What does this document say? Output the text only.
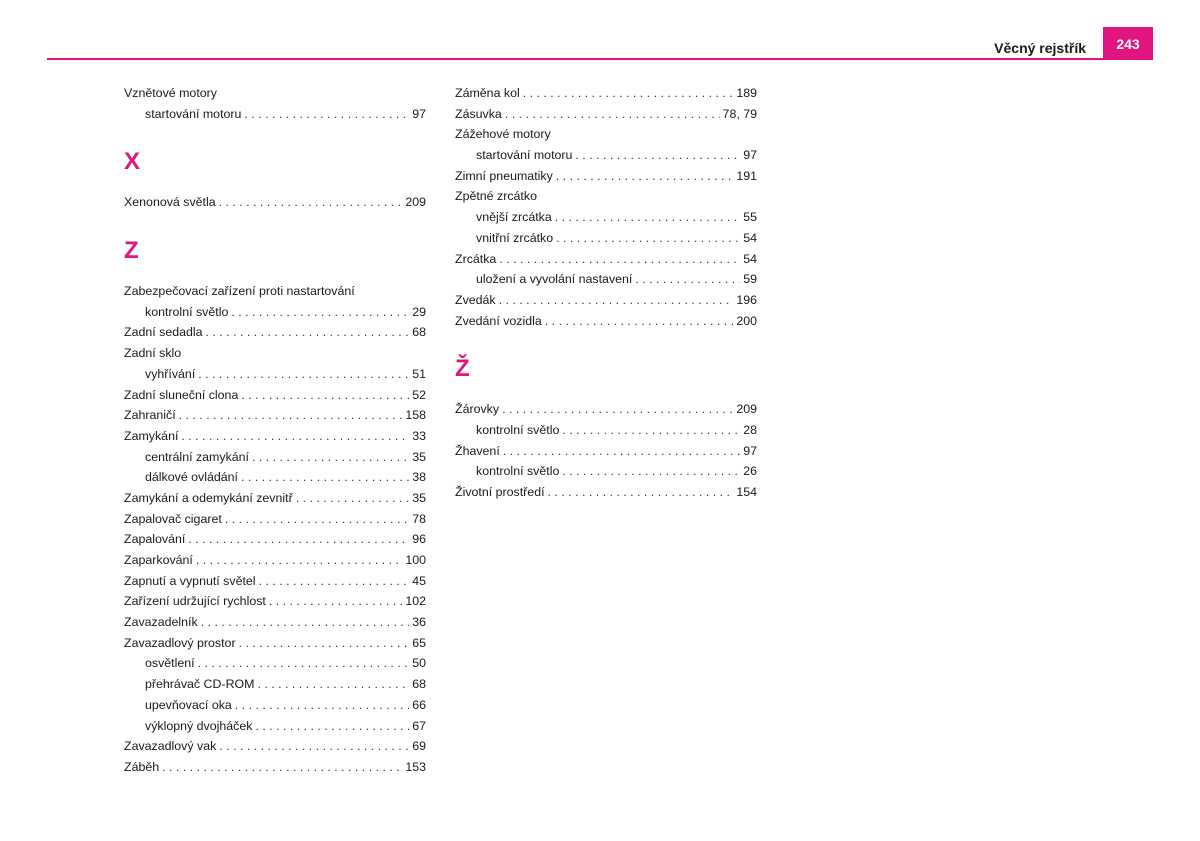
Věcný rejstřík	243
Vznětové motory
startování motoru . . .	97
X
Xenonová světla . . .	209
Z
Zabezpečovací zařízení proti nastartování
kontrolní světlo . . .	29
Zadní sedadla . . .	68
Zadní sklo
vyhřívání . . .	51
Zadní sluneční clona . . .	52
Zahraničí . . .	158
Zamykání . . .	33
centrální zamykání . . .	35
dálkové ovládání . . .	38
Zamykání a odemykání zevnitř . . .	35
Zapalovač cigaret . . .	78
Zapalování . . .	96
Zaparkování . . .	100
Zapnutí a vypnutí světel . . .	45
Zařízení udržující rychlost . . .	102
Zavazadelník . . .	36
Zavazadlový prostor . . .	65
osvětlení . . .	50
přehrávač CD-ROM . . .	68
upevňovací oka . . .	66
výklopný dvojháček . . .	67
Zavazadlový vak . . .	69
Záběh . . .	153
Záměna kol . . .	189
Zásuvka . . .	78, 79
Zážehové motory
startování motoru . . .	97
Zimní pneumatiky . . .	191
Zpětné zrcátko
vnější zrcátka . . .	55
vnitřní zrcátko . . .	54
Zrcátka . . .	54
uložení a vyvolání nastavení . . .	59
Zvedák . . .	196
Zvedání vozidla . . .	200
Ž
Žárovky . . .	209
kontrolní světlo . . .	28
Žhavení . . .	97
kontrolní světlo . . .	26
Životní prostředí . . .	154
